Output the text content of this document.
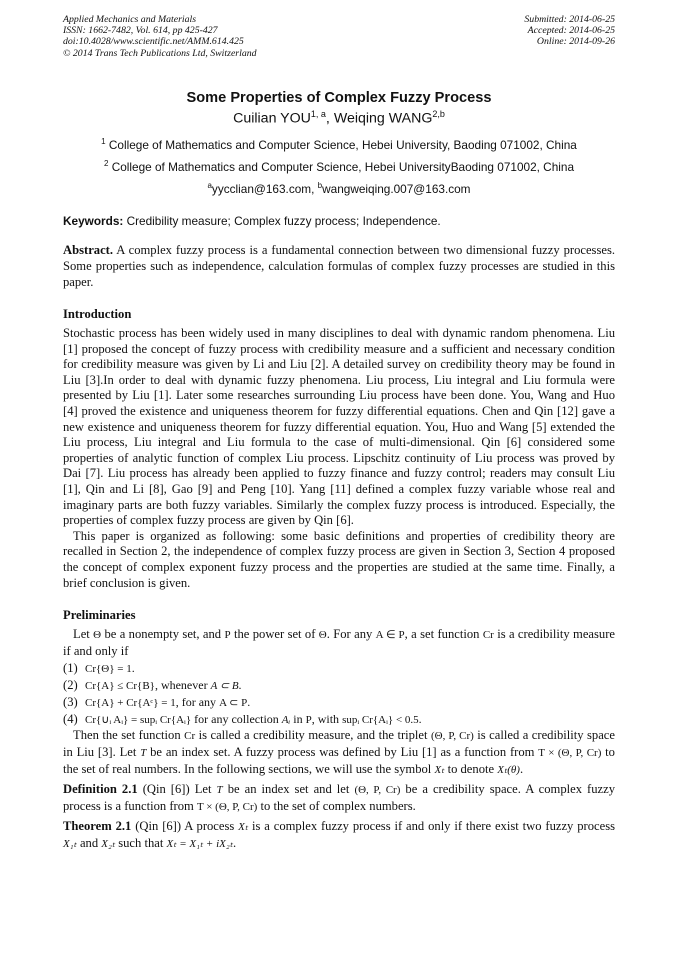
Applied Mechanics and Materials
ISSN: 1662-7482, Vol. 614, pp 425-427
doi:10.4028/www.scientific.net/AMM.614.425
© 2014 Trans Tech Publications Ltd, Switzerland
Submitted: 2014-06-25
Accepted: 2014-06-25
Online: 2014-09-26
Some Properties of Complex Fuzzy Process
Cuilian YOU$^{1, a}$, Weiqing WANG$^{2,b}$
$^1$ College of Mathematics and Computer Science, Hebei University, Baoding 071002, China
$^2$ College of Mathematics and Computer Science, Hebei UniversityBaoding 071002, China
$^a$yycclian@163.com, $^b$wangweiqing.007@163.com
Keywords: Credibility measure; Complex fuzzy process; Independence.

Abstract. A complex fuzzy process is a fundamental connection between two dimensional fuzzy processes. Some properties such as independence, calculation formulas of complex fuzzy processes are studied in this paper.

Introduction

Stochastic process has been widely used in many disciplines to deal with dynamic random phenomena. Liu [1] proposed the concept of fuzzy process with credibility measure and a sufficient and necessary condition for credibility measure was given by Li and Liu [2]. A detailed survey on credibility theory may be found in Liu [3].In order to deal with dynamic fuzzy phenomena. Liu process, Liu integral and Liu formula were presented by Liu [1]. Later some researches surrounding Liu process have been done. You, Wang and Huo [4] proved the existence and uniqueness theorem for fuzzy differential equations. Chen and Qin [12] gave a new existence and uniqueness theorem for fuzzy differential equation. You, Huo and Wang [5] extended the Liu process, Liu integral and Liu formula to the case of multi-dimensional. Qin [6] considered some properties of analytic function of complex Liu process. Lipschitz continuity of Liu process was proved by Dai [7]. Liu process has already been applied to fuzzy finance and fuzzy control; readers may consult Liu [1], Qin and Li [8], Gao [9] and Peng [10]. Yang [11] defined a complex fuzzy variable whose real and imaginary parts are both fuzzy variables. Similarly the complex fuzzy process is introduced. Especially, the properties of complex fuzzy process are given by Qin [6].

This paper is organized as following: some basic definitions and properties of credibility theory are recalled in Section 2, the independence of complex fuzzy process are given in Section 3, Section 4 proposed the concept of complex exponent fuzzy process and the properties are studied at the same time. Finally, a brief conclusion is given.

Preliminaries

Let Θ be a nonempty set, and P the power set of Θ. For any A ∈ P, a set function Cr is a credibility measure if and only if

(1) Cr{Θ} = 1.
(2) Cr{A} ≤ Cr{B}, whenever A ⊂ B.
(3) Cr{A} + Cr{Aᶜ} = 1, for any A ⊂ P.
(4) Cr{∪ᵢ Aᵢ} = supᵢ Cr{Aᵢ} for any collection Aᵢ in P, with supᵢ Cr{Aᵢ} < 0.5.

Then the set function Cr is called a credibility measure, and the triplet (Θ, P, Cr) is called a credibility space in Liu [3]. Let T be an index set. A fuzzy process was defined by Liu [1] as a function from T × (Θ, P, Cr) to the set of real numbers. In the following sections, we will use the symbol Xₜ to denote Xₜ(θ).

Definition 2.1 (Qin [6]) Let T be an index set and let (Θ, P, Cr) be a credibility space. A complex fuzzy process is a function from T × (Θ, P, Cr) to the set of complex numbers.

Theorem 2.1 (Qin [6]) A process Xₜ is a complex fuzzy process if and only if there exist two fuzzy process X₁ₜ and X₂ₜ such that Xₜ = X₁ₜ + iX₂ₜ.
